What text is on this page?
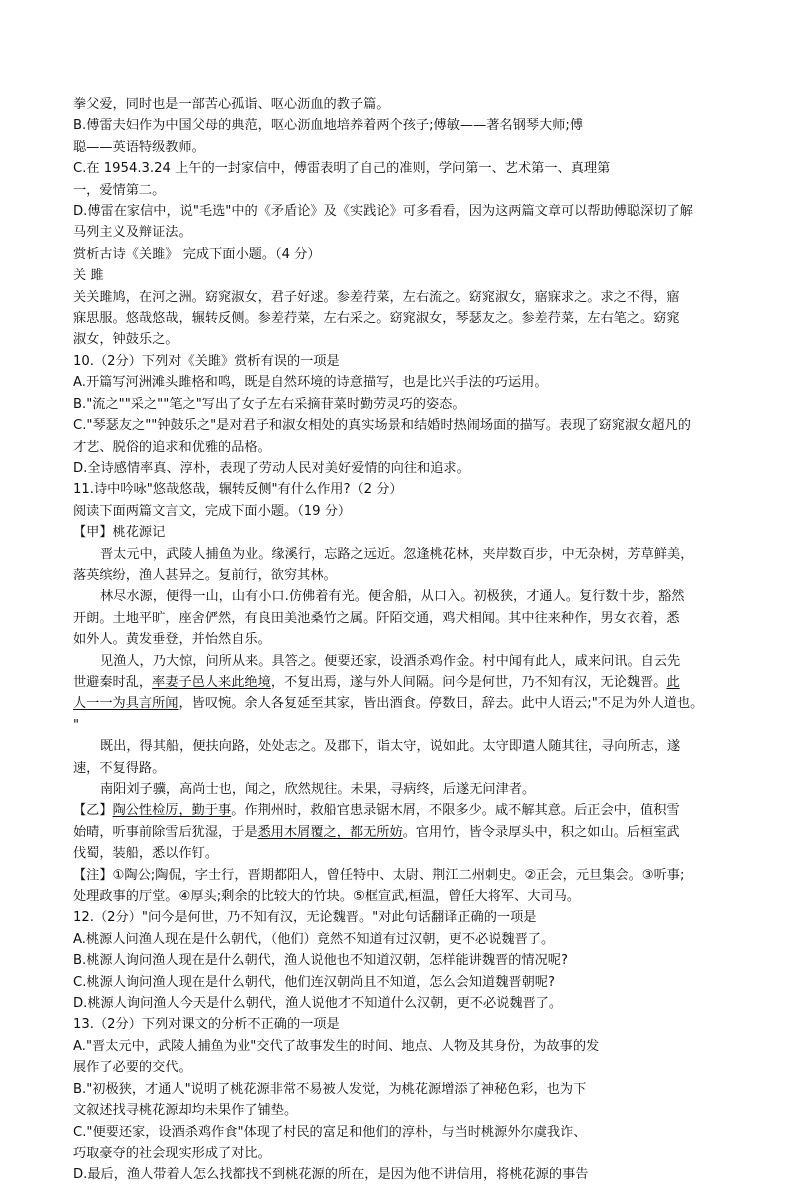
拳父爱，同时也是一部苦心孤诣、呕心沥血的教子篇。
B.傅雷夫妇作为中国父母的典范，呕心沥血地培养着两个孩子;傅敏——著名钢琴大师;傅
聪——英语特级教师。
C.在 1954.3.24 上午的一封家信中，傅雷表明了自己的准则，学问第一、艺术第一、真理第
一，爱情第二。
D.傅雷在家信中，说"毛选"中的《矛盾论》及《实践论》可多看看，因为这两篇文章可以帮助傅聪深切了解
马列主义及辩证法。
赏析古诗《关雎》 完成下面小题。（4 分）
关 雎
关关雎鸠，在河之洲。窈窕淑女，君子好逑。参差荇菜，左右流之。窈窕淑女，寤寐求之。求之不得，寤
寐思服。悠哉悠哉，辗转反侧。参差荇菜，左右采之。窈窕淑女，琴瑟友之。参差荇菜，左右笔之。窈窕
淑女，钟鼓乐之。
10.（2分）下列对《关雎》赏析有误的一项是
A.开篇写河洲滩头雎格和鸣，既是自然环境的诗意描写，也是比兴手法的巧运用。
B."流之""采之""笔之"写出了女子左右采摘苷菜时勤劳灵巧的姿态。
C."琴瑟友之""钟鼓乐之"是对君子和淑女相处的真实场景和结婚时热闹场面的描写。表现了窈窕淑女超凡的
才艺、脱俗的追求和优雅的品格。
D.全诗感情率真、淳朴，表现了劳动人民对美好爱情的向往和追求。
11.诗中吟咏"悠哉悠哉，辗转反侧"有什么作用?（2 分）
阅读下面两篇文言文，完成下面小题。（19 分）
【甲】桃花源记
晋太元中，武陵人捕鱼为业。缘溪行，忘路之远近。忽逢桃花林，夹岸数百步，中无杂树，芳草鲜美，
落英缤纷，渔人甚异之。复前行，欲穷其林。
林尽水源，便得一山，山有小口.仿佛着有光。便舍船，从口入。初极狭，才通人。复行数十步，豁然
开朗。土地平旷，座舍俨然，有良田美池桑竹之属。阡陌交通，鸡犬相闻。其中往来种作，男女衣着，悉
如外人。黄发垂登，并怡然自乐。
见渔人，乃大惊，问所从来。具答之。便要还家，设酒杀鸡作金。村中闻有此人，咸来问讯。自云先
世避秦时乱，率妻子邑人来此绝境，不复出焉，遂与外人间隔。问今是何世，乃不知有汉，无论魏晋。此
人一一为具言所闻，皆叹惋。余人各复延至其家，皆出酒食。停数日，辞去。此中人语云;"不足为外人道也。
"
既出，得其船，便扶向路，处处志之。及郡下，诣太守，说如此。太守即遣人随其往，寻向所志，遂
速，不复得路。
南阳刘子骥，高尚士也，闻之，欣然规往。未果，寻病终，后遂无问津者。
【乙】陶公性检厉，勤于事。作荆州时，救船官患录锯木屑，不限多少。咸不解其意。后正会中，值积雪
始晴，听事前除雪后犹湿，于是悉用木屑覆之，都无所妨。官用竹，皆令录厚头中，积之如山。后桓室武
伐蜀，装船，悉以作钉。
【注】①陶公;陶侃，字士行，晋期都阳人，曾任特中、太尉、荆江二州刺史。②正会，元旦集会。③听事;
处理政事的厅堂。④厚头;剩余的比较大的竹块。⑤框宣武,桓温，曾任大将军、大司马。
12.（2分）"问今是何世，乃不知有汉，无论魏晋。"对此句话翻译正确的一项是
A.桃源人问渔人现在是什么朝代，（他们）竟然不知道有过汉朝，更不必说魏晋了。
B.桃源人询问渔人现在是什么朝代，渔人说他也不知道汉朝，怎样能讲魏晋的情况呢?
C.桃源人询问渔人现在是什么朝代，他们连汉朝尚且不知道，怎么会知道魏晋朝呢?
D.桃源人询问渔人今天是什么朝代，渔人说他才不知道什么汉朝，更不必说魏晋了。
13.（2分）下列对课文的分析不正确的一项是
A."晋太元中，武陵人捕鱼为业"交代了故事发生的时间、地点、人物及其身份，为故事的发
展作了必要的交代。
B."初极狭，才通人"说明了桃花源非常不易被人发觉，为桃花源增添了神秘色彩，也为下
文叙述找寻桃花源却均未果作了铺垫。
C."便要还家，设酒杀鸡作食"体现了村民的富足和他们的淳朴，与当时桃源外尔虞我诈、
巧取豪夺的社会现实形成了对比。
D.最后，渔人带着人怎么找都找不到桃花源的所在，是因为他不讲信用，将桃花源的事告
